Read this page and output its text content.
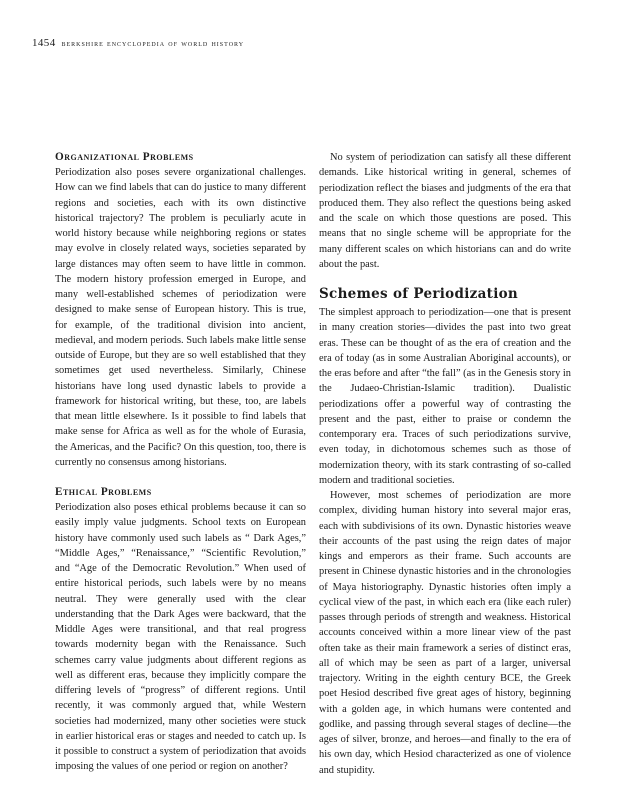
1454 berkshire encyclopedia of world history
Organizational Problems

Periodization also poses severe organizational challenges. How can we find labels that can do justice to many different regions and societies, each with its own distinctive historical trajectory? The problem is peculiarly acute in world history because while neighboring regions or states may evolve in closely related ways, societies separated by large distances may often seem to have little in common. The modern history profession emerged in Europe, and many well-established schemes of periodization were designed to make sense of European history. This is true, for example, of the traditional division into ancient, medieval, and modern periods. Such labels make little sense outside of Europe, but they are so well established that they sometimes get used nevertheless. Similarly, Chinese historians have long used dynastic labels to provide a framework for historical writing, but these, too, are labels that mean little elsewhere. Is it possible to find labels that make sense for Africa as well as for the whole of Eurasia, the Americas, and the Pacific? On this question, too, there is currently no consensus among historians.

Ethical Problems

Periodization also poses ethical problems because it can so easily imply value judgments. School texts on European history have commonly used such labels as “ Dark Ages,” “Middle Ages,” “Renaissance,” “Scientific Revolution,” and “Age of the Democratic Revolution.” When used of entire historical periods, such labels were by no means neutral. They were generally used with the clear understanding that the Dark Ages were backward, that the Middle Ages were transitional, and that real progress towards modernity began with the Renaissance. Such schemes carry value judgments about different regions as well as different eras, because they implicitly compare the differing levels of “progress” of different regions. Until recently, it was commonly argued that, while Western societies had modernized, many other societies were stuck in earlier historical eras or stages and needed to catch up. Is it possible to construct a system of periodization that avoids imposing the values of one period or region on another?

No system of periodization can satisfy all these different demands. Like historical writing in general, schemes of periodization reflect the biases and judgments of the era that produced them. They also reflect the questions being asked and the scale on which those questions are posed. This means that no single scheme will be appropriate for the many different scales on which historians can and do write about the past.

Schemes of Periodization

The simplest approach to periodization—one that is present in many creation stories—divides the past into two great eras. These can be thought of as the era of creation and the era of today (as in some Australian Aboriginal accounts), or the eras before and after “the fall” (as in the Genesis story in the Judaeo-Christian-Islamic tradition). Dualistic periodizations offer a powerful way of contrasting the present and the past, either to praise or condemn the contemporary era. Traces of such periodizations survive, even today, in dichotomous schemes such as those of modernization theory, with its stark contrasting of so-called modern and traditional societies.

However, most schemes of periodization are more complex, dividing human history into several major eras, each with subdivisions of its own. Dynastic histories weave their accounts of the past using the reign dates of major kings and emperors as their frame. Such accounts are present in Chinese dynastic histories and in the chronologies of Maya historiography. Dynastic histories often imply a cyclical view of the past, in which each era (like each ruler) passes through periods of strength and weakness. Historical accounts conceived within a more linear view of the past often take as their main framework a series of distinct eras, all of which may be seen as part of a larger, universal trajectory. Writing in the eighth century BCE, the Greek poet Hesiod described five great ages of history, beginning with a golden age, in which humans were contented and godlike, and passing through several stages of decline—the ages of silver, bronze, and heroes—and finally to the era of his own day, which Hesiod characterized as one of violence and stupidity.
